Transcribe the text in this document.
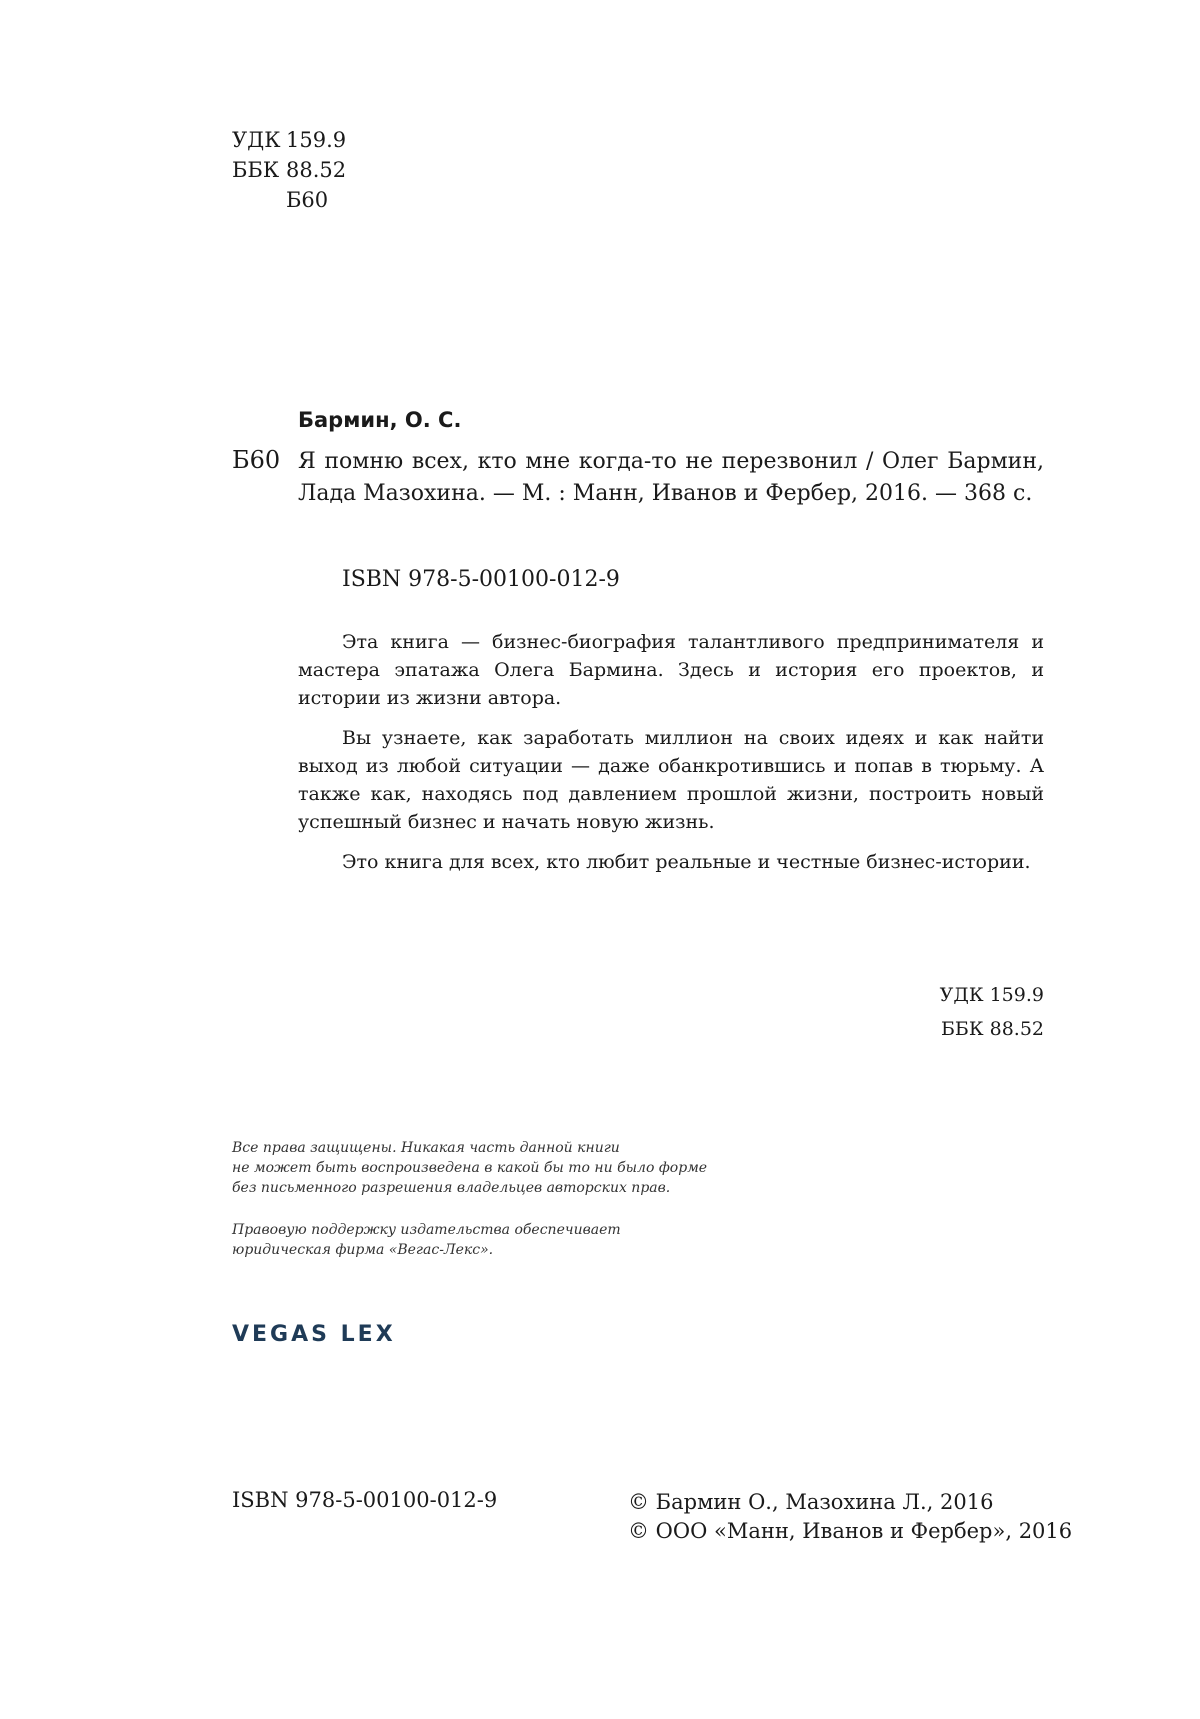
УДК 159.9
ББК 88.52
Б60
Бармин, О. С.
Б60 Я помню всех, кто мне когда-то не перезвонил / Олег Бармин, Лада Мазохина. — М. : Манн, Иванов и Фербер, 2016. — 368 с.
ISBN 978-5-00100-012-9

Эта книга — бизнес-биография талантливого предпринимателя и мастера эпатажа Олега Бармина. Здесь и история его проектов, и истории из жизни автора.

Вы узнаете, как заработать миллион на своих идеях и как найти выход из любой ситуации — даже обанкротившись и попав в тюрьму. А также как, находясь под давлением прошлой жизни, построить новый успешный бизнес и начать новую жизнь.

Это книга для всех, кто любит реальные и честные бизнес-истории.

УДК 159.9
ББК 88.52

Все права защищены. Никакая часть данной книги
не может быть воспроизведена в какой бы то ни было форме
без письменного разрешения владельцев авторских прав.

Правовую поддержку издательства обеспечивает
юридическая фирма «Вегас-Лекс».

VEGAS LEX
ISBN 978-5-00100-012-9	© Бармин О., Мазохина Л., 2016
© ООО «Манн, Иванов и Фербер», 2016
